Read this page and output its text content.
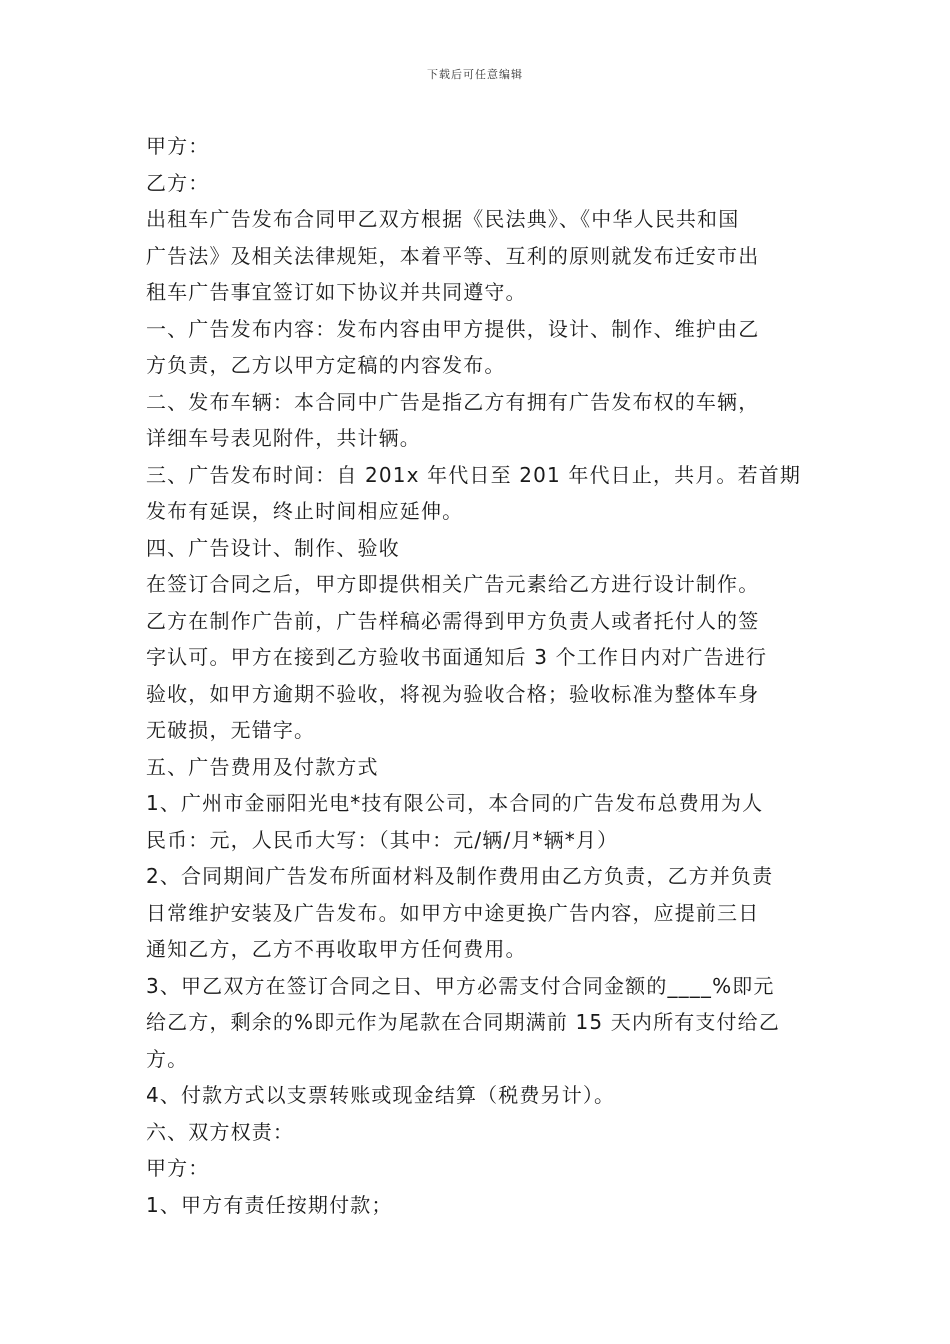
下载后可任意编辑
甲方：
乙方：
出租车广告发布合同甲乙双方根据《民法典》、《中华人民共和国
广告法》及相关法律规矩，本着平等、互利的原则就发布迁安市出
租车广告事宜签订如下协议并共同遵守。
一、广告发布内容：发布内容由甲方提供，设计、制作、维护由乙
方负责，乙方以甲方定稿的内容发布。
二、发布车辆：本合同中广告是指乙方有拥有广告发布权的车辆，
详细车号表见附件，共计辆。
三、广告发布时间：自 201x 年代日至 201 年代日止，共月。若首期
发布有延误，终止时间相应延伸。
四、广告设计、制作、验收
在签订合同之后，甲方即提供相关广告元素给乙方进行设计制作。
乙方在制作广告前，广告样稿必需得到甲方负责人或者托付人的签
字认可。甲方在接到乙方验收书面通知后 3 个工作日内对广告进行
验收，如甲方逾期不验收，将视为验收合格；验收标准为整体车身
无破损，无错字。
五、广告费用及付款方式
1、广州市金丽阳光电*技有限公司，本合同的广告发布总费用为人
民币：元，人民币大写：（其中：元/辆/月*辆*月）
2、合同期间广告发布所面材料及制作费用由乙方负责，乙方并负责
日常维护安装及广告发布。如甲方中途更换广告内容，应提前三日
通知乙方，乙方不再收取甲方任何费用。
3、甲乙双方在签订合同之日、甲方必需支付合同金额的____%即元
给乙方，剩余的%即元作为尾款在合同期满前 15 天内所有支付给乙
方。
4、付款方式以支票转账或现金结算（税费另计）。
六、双方权责：
甲方：
1、甲方有责任按期付款；
